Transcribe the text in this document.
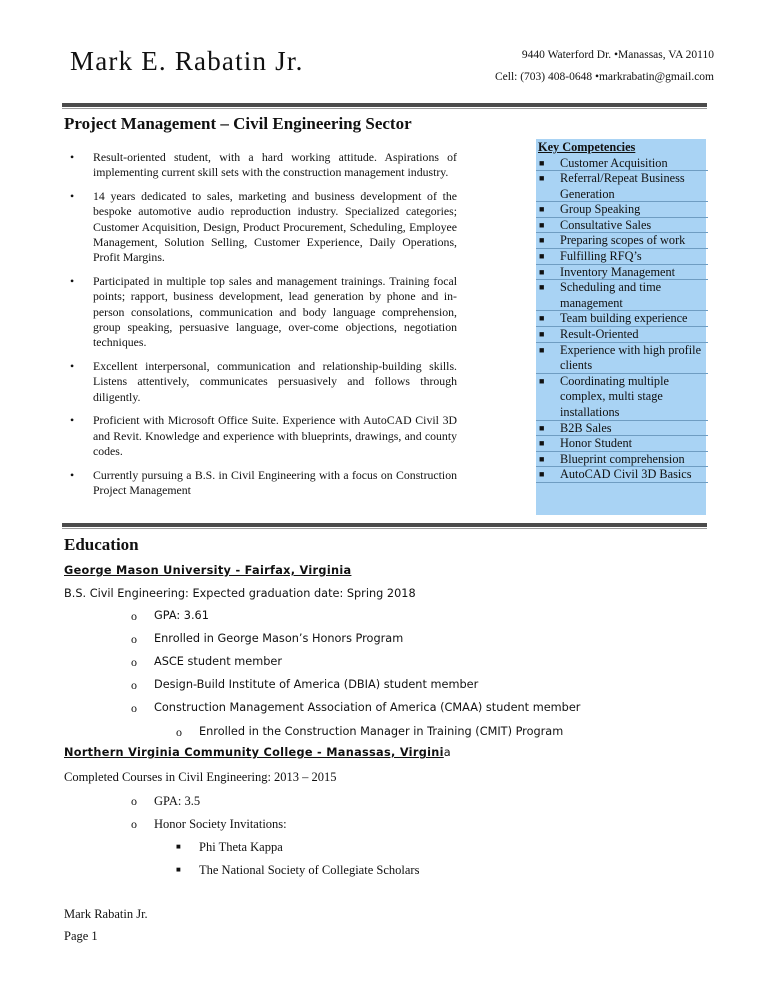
Mark E. Rabatin Jr.	9440 Waterford Dr. •Manassas, VA 20110
Cell: (703) 408-0648 •markrabatin@gmail.com
Project Management – Civil Engineering Sector
• Result-oriented student, with a hard working attitude. Aspirations of implementing current skill sets with the construction management industry.
• 14 years dedicated to sales, marketing and business development of the bespoke automotive audio reproduction industry. Specialized categories; Customer Acquisition, Design, Product Procurement, Scheduling, Employee Management, Solution Selling, Customer Experience, Daily Operations, Profit Margins.
• Participated in multiple top sales and management trainings. Training focal points; rapport, business development, lead generation by phone and in-person consolations, communication and body language comprehension, group speaking, persuasive language, over-come objections, negotiation techniques.
• Excellent interpersonal, communication and relationship-building skills. Listens attentively, communicates persuasively and follows through diligently.
• Proficient with Microsoft Office Suite. Experience with AutoCAD Civil 3D and Revit. Knowledge and experience with blueprints, drawings, and county codes.
• Currently pursuing a B.S. in Civil Engineering with a focus on Construction Project Management
Key Competencies
■ Customer Acquisition
■ Referral/Repeat Business Generation
■ Group Speaking
■ Consultative Sales
■ Preparing scopes of work
■ Fulfilling RFQ’s
■ Inventory Management
■ Scheduling and time management
■ Team building experience
■ Result-Oriented
■ Experience with high profile clients
■ Coordinating multiple complex, multi stage installations
■ B2B Sales
■ Honor Student
■ Blueprint comprehension
■ AutoCAD Civil 3D Basics
Education
George Mason University - Fairfax, Virginia
B.S. Civil Engineering: Expected graduation date: Spring 2018
o GPA: 3.61
o Enrolled in George Mason’s Honors Program
o ASCE student member
o Design-Build Institute of America (DBIA) student member
o Construction Management Association of America (CMAA) student member
o Enrolled in the Construction Manager in Training (CMIT) Program
Northern Virginia Community College - Manassas, Virginia
Completed Courses in Civil Engineering: 2013 – 2015
o GPA: 3.5
o Honor Society Invitations:
■ Phi Theta Kappa
■ The National Society of Collegiate Scholars
Mark Rabatin Jr.
Page 1
